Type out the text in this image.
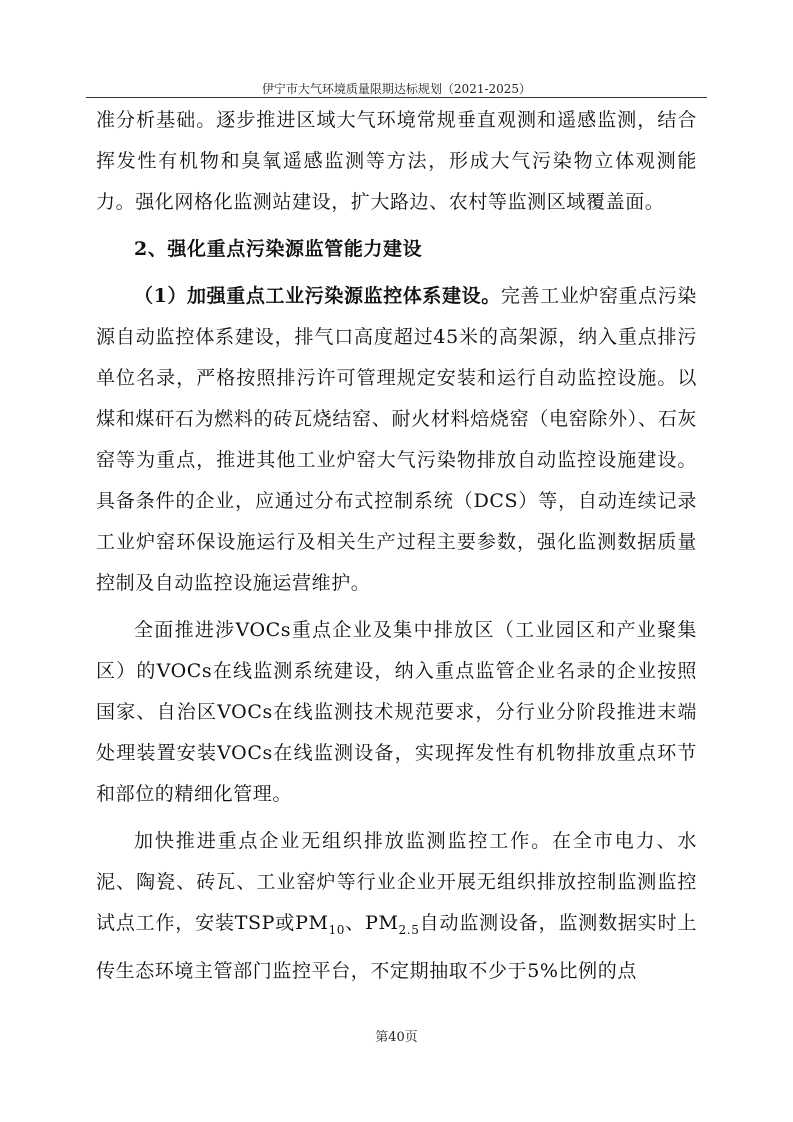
伊宁市大气环境质量限期达标规划（2021-2025）

准分析基础。逐步推进区域大气环境常规垂直观测和遥感监测，结合挥发性有机物和臭氧遥感监测等方法，形成大气污染物立体观测能力。强化网格化监测站建设，扩大路边、农村等监测区域覆盖面。

2、强化重点污染源监管能力建设

（1）加强重点工业污染源监控体系建设。完善工业炉窑重点污染源自动监控体系建设，排气口高度超过45米的高架源，纳入重点排污单位名录，严格按照排污许可管理规定安装和运行自动监控设施。以煤和煤矸石为燃料的砖瓦烧结窑、耐火材料焙烧窑（电窑除外）、石灰窑等为重点，推进其他工业炉窑大气污染物排放自动监控设施建设。具备条件的企业，应通过分布式控制系统（DCS）等，自动连续记录工业炉窑环保设施运行及相关生产过程主要参数，强化监测数据质量控制及自动监控设施运营维护。

全面推进涉VOCs重点企业及集中排放区（工业园区和产业聚集区）的VOCs在线监测系统建设，纳入重点监管企业名录的企业按照国家、自治区VOCs在线监测技术规范要求，分行业分阶段推进末端处理装置安装VOCs在线监测设备，实现挥发性有机物排放重点环节和部位的精细化管理。

加快推进重点企业无组织排放监测监控工作。在全市电力、水泥、陶瓷、砖瓦、工业窑炉等行业企业开展无组织排放控制监测监控试点工作，安装TSP或$PM_{10}$、$PM_{2.5}$自动监测设备，监测数据实时上传生态环境主管部门监控平台，不定期抽取不少于5%比例的点

第40页
